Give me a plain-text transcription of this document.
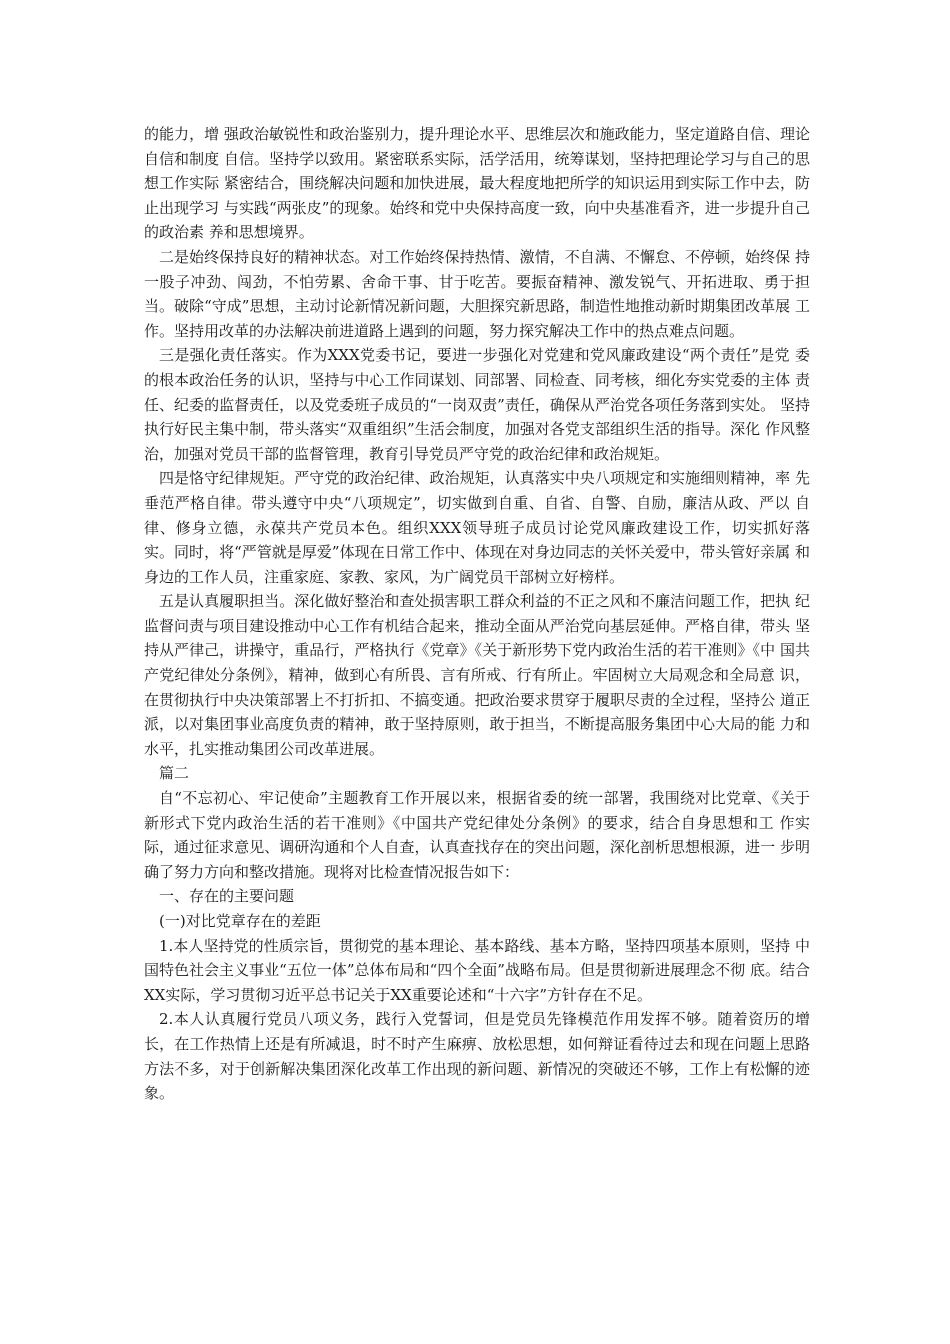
的能力，增 强政治敏锐性和政治鉴别力，提升理论水平、思维层次和施政能力，坚定道路自信、理论自信和制度 自信。坚持学以致用。紧密联系实际，活学活用，统筹谋划，坚持把理论学习与自己的思想工作实际 紧密结合，围绕解决问题和加快进展，最大程度地把所学的知识运用到实际工作中去，防止出现学习 与实践“两张皮”的现象。始终和党中央保持高度一致，向中央基准看齐，进一步提升自己的政治素 养和思想境界。

二是始终保持良好的精神状态。对工作始终保持热情、激情，不自满、不懈怠、不停顿，始终保 持一股子冲劲、闯劲，不怕劳累、舍命干事、甘于吃苦。要振奋精神、激发锐气、开拓进取、勇于担 当。破除“守成”思想，主动讨论新情况新问题，大胆探究新思路，制造性地推动新时期集团改革展 工作。坚持用改革的办法解决前进道路上遇到的问题，努力探究解决工作中的热点难点问题。

三是强化责任落实。作为XXX党委书记，要进一步强化对党建和党风廉政建设“两个责任”是党 委的根本政治任务的认识，坚持与中心工作同谋划、同部署、同检查、同考核，细化夯实党委的主体 责任、纪委的监督责任，以及党委班子成员的“一岗双责”责任，确保从严治党各项任务落到实处。 坚持执行好民主集中制，带头落实“双重组织”生活会制度，加强对各党支部组织生活的指导。深化 作风整治，加强对党员干部的监督管理，教育引导党员严守党的政治纪律和政治规矩。

四是恪守纪律规矩。严守党的政治纪律、政治规矩，认真落实中央八项规定和实施细则精神，率 先垂范严格自律。带头遵守中央“八项规定”，切实做到自重、自省、自警、自励，廉洁从政、严以 自律、修身立德，永葆共产党员本色。组织XXX领导班子成员讨论党风廉政建设工作，切实抓好落 实。同时，将“严管就是厚爱”体现在日常工作中、体现在对身边同志的关怀关爱中，带头管好亲属 和身边的工作人员，注重家庭、家教、家风，为广阔党员干部树立好榜样。

五是认真履职担当。深化做好整治和查处损害职工群众利益的不正之风和不廉洁问题工作，把执 纪监督问责与项目建设推动中心工作有机结合起来，推动全面从严治党向基层延伸。严格自律，带头 坚持从严律己，讲操守，重品行，严格执行《党章》《关于新形势下党内政治生活的若干准则》《中 国共产党纪律处分条例》，精神，做到心有所畏、言有所戒、行有所止。牢固树立大局观念和全局意 识，在贯彻执行中央决策部署上不打折扣、不搞变通。把政治要求贯穿于履职尽责的全过程，坚持公 道正派，以对集团事业高度负责的精神，敢于坚持原则，敢于担当，不断提高服务集团中心大局的能 力和水平，扎实推动集团公司改革进展。

篇二

自“不忘初心、牢记使命”主题教育工作开展以来，根据省委的统一部署，我围绕对比党章、《关于新形式下党内政治生活的若干准则》《中国共产党纪律处分条例》的要求，结合自身思想和工 作实际，通过征求意见、调研沟通和个人自查，认真查找存在的突出问题，深化剖析思想根源，进一 步明确了努力方向和整改措施。现将对比检查情况报告如下：

一、存在的主要问题

(一)对比党章存在的差距

1.本人坚持党的性质宗旨，贯彻党的基本理论、基本路线、基本方略，坚持四项基本原则，坚持 中国特色社会主义事业“五位一体”总体布局和“四个全面”战略布局。但是贯彻新进展理念不彻 底。结合XX实际，学习贯彻习近平总书记关于XX重要论述和“十六字”方针存在不足。

2.本人认真履行党员八项义务，践行入党誓词，但是党员先锋模范作用发挥不够。随着资历的增 长，在工作热情上还是有所减退，时不时产生麻痹、放松思想，如何辩证看待过去和现在问题上思路 方法不多，对于创新解决集团深化改革工作出现的新问题、新情况的突破还不够，工作上有松懈的迹 象。
